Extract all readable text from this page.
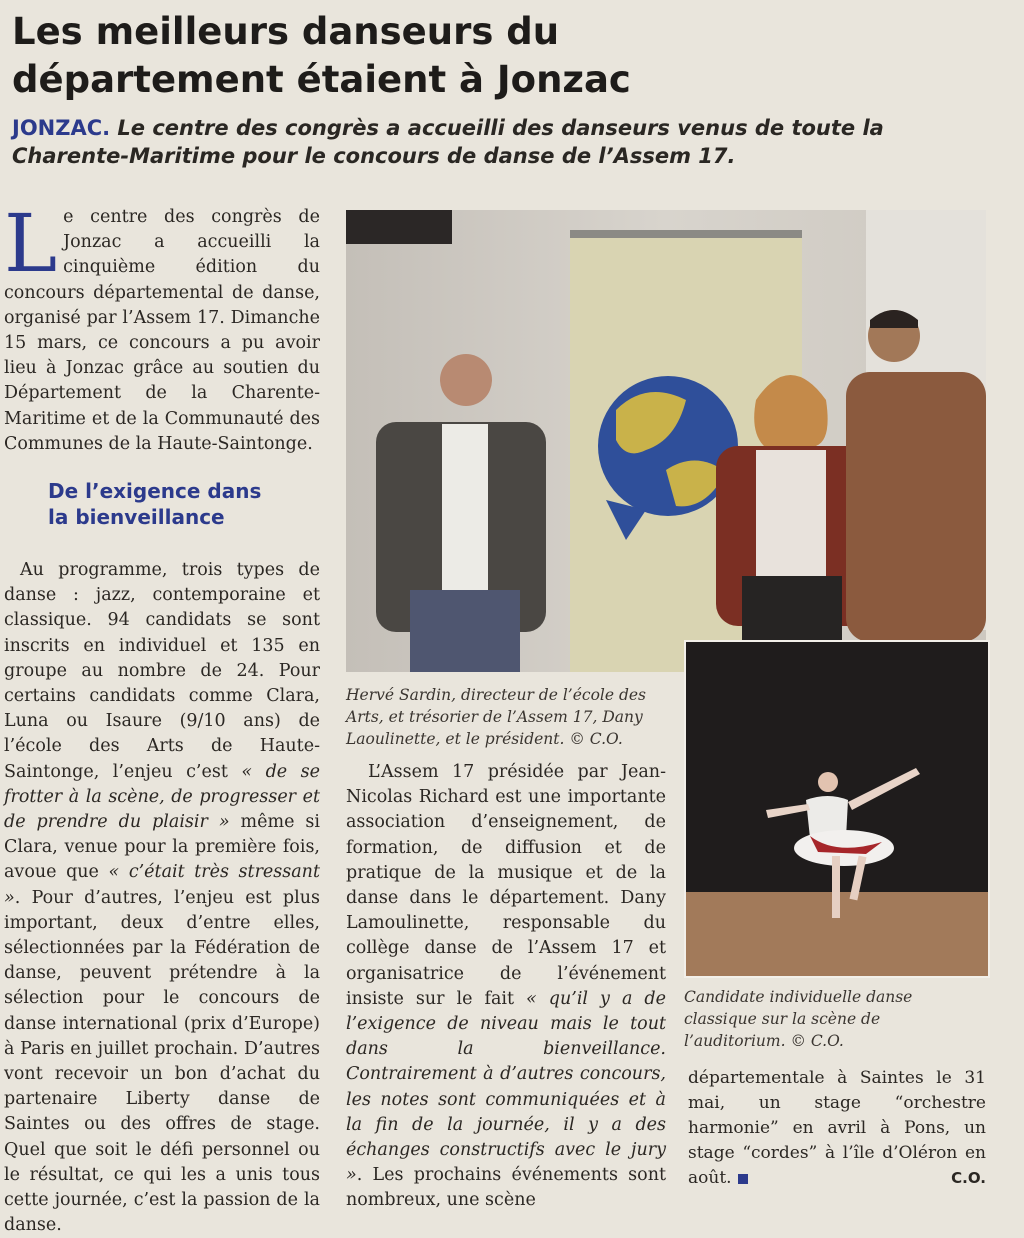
Les meilleurs danseurs du
département étaient à Jonzac
JONZAC. Le centre des congrès a accueilli des danseurs venus de toute la Charente-Maritime pour le concours de danse de l’Assem 17.
Le centre des congrès de Jonzac a accueilli la cinquième édition du concours départemental de danse, organisé par l’Assem 17. Dimanche 15 mars, ce concours a pu avoir lieu à Jonzac grâce au soutien du Département de la Charente-Maritime et de la Communauté des Communes de la Haute-Saintonge.
De l’exigence dans
la bienveillance
Au programme, trois types de danse : jazz, contemporaine et classique. 94 candidats se sont inscrits en individuel et 135 en groupe au nombre de 24. Pour certains candidats comme Clara, Luna ou Isaure (9/10 ans) de l’école des Arts de Haute-Saintonge, l’enjeu c’est « de se frotter à la scène, de progresser et de prendre du plaisir » même si Clara, venue pour la première fois, avoue que « c’était très stressant ». Pour d’autres, l’enjeu est plus important, deux d’entre elles, sélectionnées par la Fédération de danse, peuvent prétendre à la sélection pour le concours de danse international (prix d’Europe) à Paris en juillet prochain. D’autres vont recevoir un bon d’achat du partenaire Liberty danse de Saintes ou des offres de stage. Quel que soit le défi personnel ou le résultat, ce qui les a unis tous cette journée, c’est la passion de la danse.
Hervé Sardin, directeur de l’école des Arts, et trésorier de l’Assem 17, Dany Laoulinette, et le président. © C.O.
Candidate individuelle danse classique sur la scène de l’auditorium. © C.O.
L’Assem 17 présidée par Jean-Nicolas Richard est une importante association d’enseignement, de formation, de diffusion et de pratique de la musique et de la danse dans le département. Dany Lamoulinette, responsable du collège danse de l’Assem 17 et organisatrice de l’événement insiste sur le fait « qu’il y a de l’exigence de niveau mais le tout dans la bienveillance. Contrairement à d’autres concours, les notes sont communiquées et à la fin de la journée, il y a des échanges constructifs avec le jury ». Les prochains événements sont nombreux, une scène
départementale à Saintes le 31 mai, un stage “orchestre harmonie” en avril à Pons, un stage “cordes” à l’île d’Oléron en août.	C.O.
